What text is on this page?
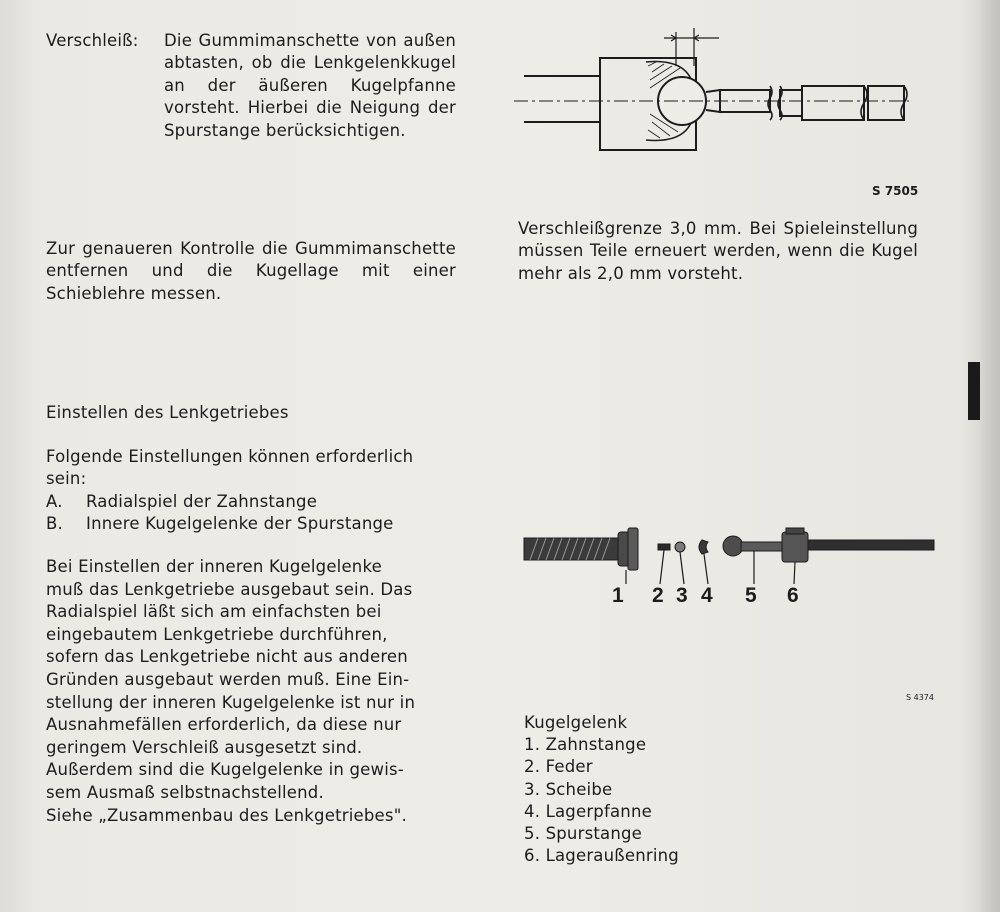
Verschleiß: Die Gummimanschette von außen abtasten, ob die Lenkgelenkkugel an der äußeren Kugelpfanne vorsteht. Hierbei die Neigung der Spurstange berücksichtigen.
Zur genaueren Kontrolle die Gummimanschette entfernen und die Kugellage mit einer Schieblehre messen.
Einstellen des Lenkgetriebes
Folgende Einstellungen können erforderlich
sein:
A. Radialspiel der Zahnstange
B. Innere Kugelgelenke der Spurstange
Bei Einstellen der inneren Kugelgelenke
muß das Lenkgetriebe ausgebaut sein. Das
Radialspiel läßt sich am einfachsten bei
eingebautem Lenkgetriebe durchführen,
sofern das Lenkgetriebe nicht aus anderen
Gründen ausgebaut werden muß. Eine Ein-
stellung der inneren Kugelgelenke ist nur in
Ausnahmefällen erforderlich, da diese nur
geringem Verschleiß ausgesetzt sind.
Außerdem sind die Kugelgelenke in gewis-
sem Ausmaß selbstnachstellend.
Siehe „Zusammenbau des Lenkgetriebes".
S 7505
Verschleißgrenze 3,0 mm. Bei Spieleinstellung müssen Teile erneuert werden, wenn die Kugel mehr als 2,0 mm vorsteht.
1 2 3 4 5 6
S 4374
Kugelgelenk
1. Zahnstange
2. Feder
3. Scheibe
4. Lagerpfanne
5. Spurstange
6. Lageraußenring
